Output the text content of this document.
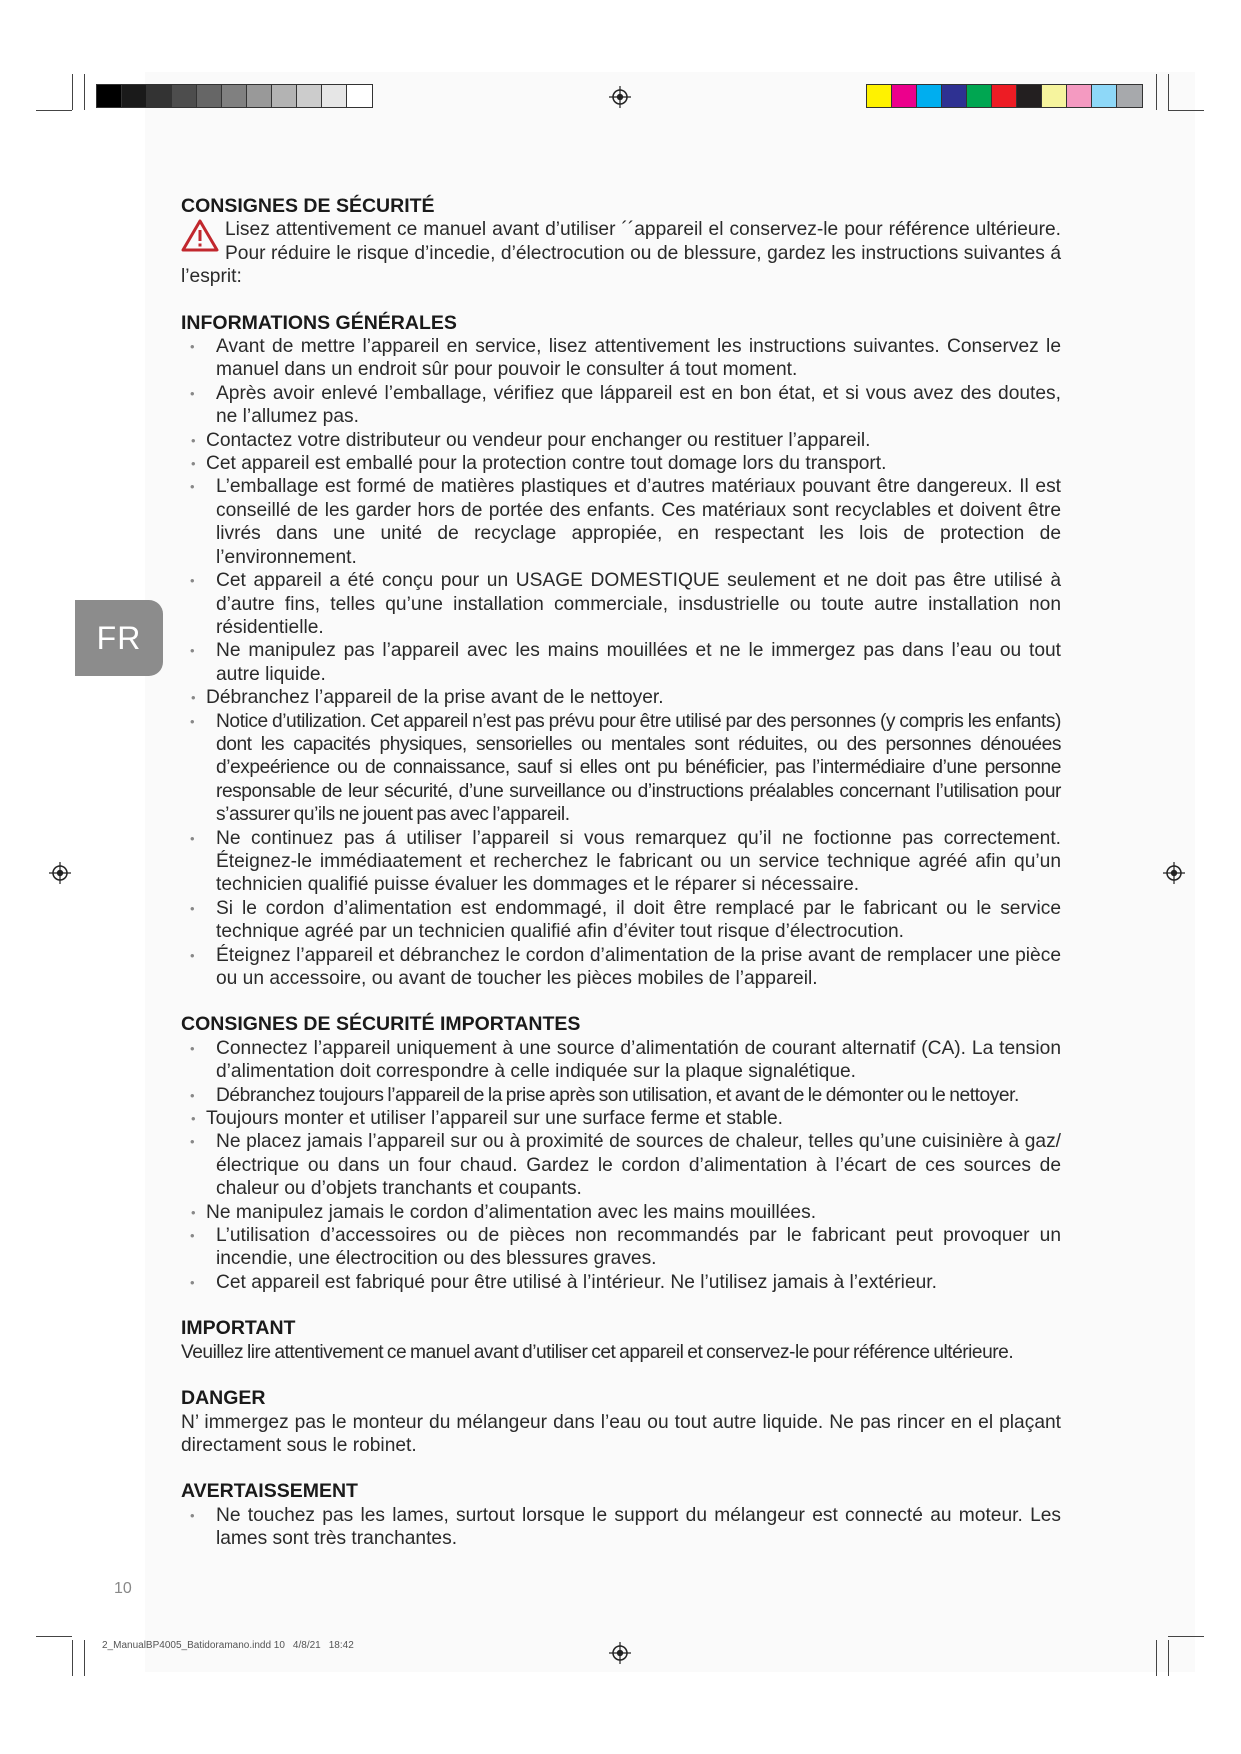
FR
CONSIGNES DE SÉCURITÉ

Lisez attentivement ce manuel avant d’utiliser ´´appareil el conservez-le pour référence ultérieure. Pour réduire le risque d’incedie, d’électrocution ou de blessure, gardez les instructions suivantes á l’esprit:

INFORMATIONS GÉNÉRALES
• Avant de mettre l’appareil en service, lisez attentivement les instructions suivantes. Conservez le manuel dans un endroit sûr pour pouvoir le consulter á tout moment.
• Après avoir enlevé l’emballage, vérifiez que láppareil est en bon état, et si vous avez des doutes, ne l’allumez pas.
• Contactez votre distributeur ou vendeur pour enchanger ou restituer l’appareil.
• Cet appareil est emballé pour la protection contre tout domage lors du transport.
• L’emballage est formé de matières plastiques et d’autres matériaux pouvant être dangereux. Il est conseillé de les garder hors de portée des enfants. Ces matériaux sont recyclables et doivent être livrés dans une unité de recyclage appropiée, en respectant les lois de protection de l’environnement.
• Cet appareil a été conçu pour un USAGE DOMESTIQUE seulement et ne doit pas être utilisé à d’autre fins, telles qu’une installation commerciale, insdustrielle ou toute autre installation non résidentielle.
• Ne manipulez pas l’appareil avec les mains mouillées et ne le immergez pas dans l’eau ou tout autre liquide.
• Débranchez l’appareil de la prise avant de le nettoyer.
• Notice d’utilization. Cet appareil n’est pas prévu pour être utilisé par des personnes (y compris les enfants) dont les capacités physiques, sensorielles ou mentales sont réduites, ou des personnes dénouées d’expeérience ou de connaissance, sauf si elles ont pu bénéficier, pas l’intermédiaire d’une personne responsable de leur sécurité, d’une surveillance ou d’instructions préalables concernant l’utilisation pour s’assurer qu’ils ne jouent pas avec l’appareil.
• Ne continuez pas á utiliser l’appareil si vous remarquez qu’il ne foctionne pas correctement. Éteignez-le immédiaatement et recherchez le fabricant ou un service technique agréé afin qu’un technicien qualifié puisse évaluer les dommages et le réparer si nécessaire.
• Si le cordon d’alimentation est endommagé, il doit être remplacé par le fabricant ou le service technique agréé par un technicien qualifié afin d’éviter tout risque d’électrocution.
• Éteignez l’appareil et débranchez le cordon d’alimentation de la prise avant de remplacer une pièce ou un accessoire, ou avant de toucher les pièces mobiles de l’appareil.
CONSIGNES DE SÉCURITÉ IMPORTANTES
• Connectez l’appareil uniquement à une source d’alimentatión de courant alternatif (CA). La tension d’alimentation doit correspondre à celle indiquée sur la plaque signalétique.
• Débranchez toujours l’appareil de la prise après son utilisation, et avant de le démonter ou le nettoyer.
• Toujours monter et utiliser l’appareil sur une surface ferme et stable.
• Ne placez jamais l’appareil sur ou à proximité de sources de chaleur, telles qu’une cuisinière à gaz/électrique ou dans un four chaud. Gardez le cordon d’alimentation à l’écart de ces sources de chaleur ou d’objets tranchants et coupants.
• Ne manipulez jamais le cordon d’alimentation avec les mains mouillées.
• L’utilisation d’accessoires ou de pièces non recommandés par le fabricant peut provoquer un incendie, une électrocition ou des blessures graves.
• Cet appareil est fabriqué pour être utilisé à l’intérieur. Ne l’utilisez jamais à l’extérieur.
IMPORTANT

Veuillez lire attentivement ce manuel avant d’utiliser cet appareil et conservez-le pour référence ultérieure.

DANGER

N’ immergez pas le monteur du mélangeur dans l’eau ou tout autre liquide. Ne pas rincer en el plaçant directament sous le robinet.

AVERTAISSEMENT
• Ne touchez pas les lames, surtout lorsque le support du mélangeur est connecté au moteur. Les lames sont très tranchantes.
10
2_ManualBP4005_Batidoramano.indd 10 4/8/21 18:42
